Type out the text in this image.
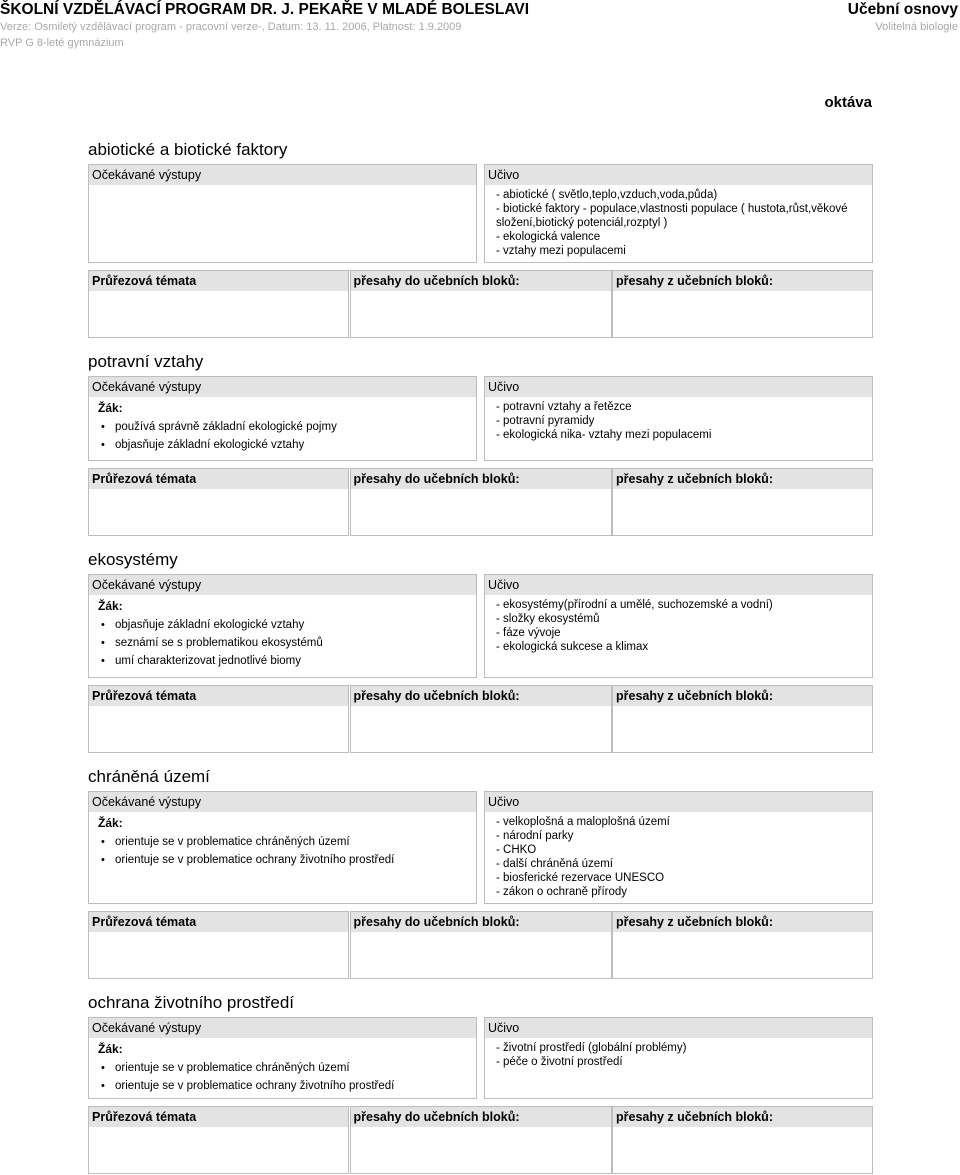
ŠKOLNÍ VZDĚLÁVACÍ PROGRAM DR. J. PEKAŘE V MLADÉ BOLESLAVI	Učební osnovy
Verze: Osmiletý vzdělávací program - pracovní verze-, Datum: 13. 11. 2006, Platnost: 1.9.2009	Volitelná biologie
RVP G 8-leté gymnázium
oktáva
abiotické a biotické faktory
Očekávané výstupy	Učivo
- abiotické ( světlo,teplo,vzduch,voda,půda)
- biotické faktory - populace,vlastnosti populace ( hustota,růst,věkové
složení,biotický potenciál,rozptyl )
- ekologická valence
- vztahy mezi populacemi
Průřezová témata	přesahy do učebních bloků:	přesahy z učebních bloků:
potravní vztahy
Očekávané výstupy
Žák:
• používá správně základní ekologické pojmy
• objasňuje základní ekologické vztahy
Učivo
- potravní vztahy a řetězce
- potravní pyramidy
- ekologická nika- vztahy mezi populacemi
Průřezová témata	přesahy do učebních bloků:	přesahy z učebních bloků:
ekosystémy
Očekávané výstupy
Žák:
• objasňuje základní ekologické vztahy
• seznámí se s problematikou ekosystémů
• umí charakterizovat jednotlivé biomy
Učivo
- ekosystémy(přírodní a umělé, suchozemské a vodní)
- složky ekosystémů
- fáze vývoje
- ekologická sukcese a klimax
Průřezová témata	přesahy do učebních bloků:	přesahy z učebních bloků:
chráněná území
Očekávané výstupy
Žák:
• orientuje se v problematice chráněných území
• orientuje se v problematice ochrany životního prostředí
Učivo
- velkoplošná a maloplošná území
- národní parky
- CHKO
- další chráněná území
- biosferické rezervace UNESCO
- zákon o ochraně přírody
Průřezová témata	přesahy do učebních bloků:	přesahy z učebních bloků:
ochrana životního prostředí
Očekávané výstupy
Žák:
• orientuje se v problematice chráněných území
• orientuje se v problematice ochrany životního prostředí
Učivo
- životní prostředí (globální problémy)
- péče o životní prostředí
Průřezová témata	přesahy do učebních bloků:	přesahy z učebních bloků:
